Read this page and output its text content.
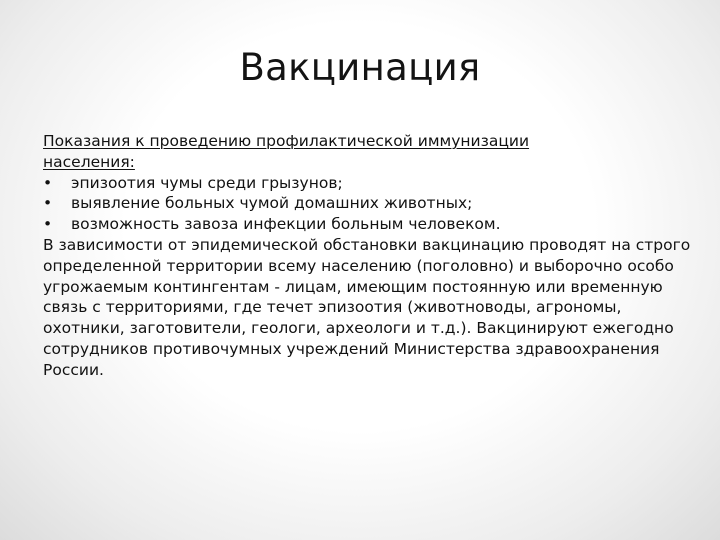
Вакцинация
Показания к проведению профилактической иммунизации населения:
•	эпизоотия чумы среди грызунов;
•	выявление больных чумой домашних животных;
•	возможность завоза инфекции больным человеком.

В зависимости от эпидемической обстановки вакцинацию проводят на строго определенной территории всему населению (поголовно) и выборочно особо угрожаемым контингентам - лицам, имеющим постоянную или временную связь с территориями, где течет эпизоотия (животноводы, агрономы, охотники, заготовители, геологи, археологи и т.д.). Вакцинируют ежегодно сотрудников противочумных учреждений Министерства здравоохранения России.
